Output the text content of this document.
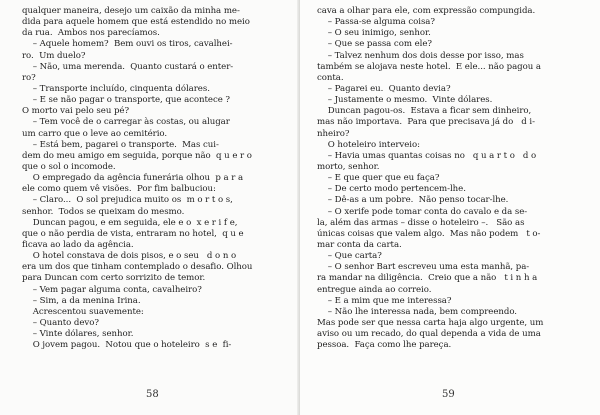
qualquer maneira, desejo um caixão da minha me-
dida para aquele homem que está estendido no meio
da rua.  Ambos nos parecíamos.
– Aquele homem?  Bem ouvi os tiros, cavalhei-
ro.  Um duelo?
– Não, uma merenda.  Quanto custará o enter-
ro?
– Transporte incluído, cinquenta dólares.
– E se não pagar o transporte, que acontece ?
O morto vai pelo seu pé?
– Tem você de o carregar às costas, ou alugar
um carro que o leve ao cemitério.
– Está bem, pagarei o transporte.  Mas cui-
dem do meu amigo em seguida, porque não  q u e r o
que o sol o incomode.
O empregado da agência funerária olhou  p a r a
ele como quem vê visões.  Por fim balbuciou:
– Claro...  O sol prejudica muito os  m o r t o s,
senhor.  Todos se queixam do mesmo.
Duncan pagou, e em seguida, ele e o  x e r i f e,
que o não perdia de vista, entraram no hotel,  q u e
ficava ao lado da agência.
O hotel constava de dois pisos, e o seu   d o n o
era um dos que tinham contemplado o desafio. Olhou
para Duncan com certo sorrizito de temor.
– Vem pagar alguma conta, cavalheiro?
– Sim, a da menina Irina.
Acrescentou suavemente:
– Quanto devo?
– Vinte dólares, senhor.
O jovem pagou.  Notou que o hoteleiro  s e  fi-
58
cava a olhar para ele, com expressão compungida.
– Passa-se alguma coisa?
– O seu inimigo, senhor.
– Que se passa com ele?
– Talvez nenhum dos dois desse por isso, mas
também se alojava neste hotel.  E ele... não pagou a
conta.
– Pagarei eu.  Quanto devia?
– Justamente o mesmo.  Vinte dólares.
Duncan pagou-os.  Estava a ficar sem dinheiro,
mas não importava.  Para que precisava já do   d i-
nheiro?
O hoteleiro interveio:
– Havia umas quantas coisas no   q u a r t o   d o
morto, senhor.
– E que quer que eu faça?
– De certo modo pertencem-lhe.
– Dê-as a um pobre.  Não penso tocar-lhe.
– O xerife pode tomar conta do cavalo e da se-
la, além das armas – disse o hoteleiro –.   São as
únicas coisas que valem algo.  Mas não podem   t o-
mar conta da carta.
– Que carta?
– O senhor Bart escreveu uma esta manhã, pa-
ra mandar na diligência.  Creio que a não   t i n h a
entregue ainda ao correio.
– E a mim que me interessa?
– Não lhe interessa nada, bem compreendo.
Mas pode ser que nessa carta haja algo urgente, um
aviso ou um recado, do qual dependa a vida de uma
pessoa.  Faça como lhe pareça.
59
